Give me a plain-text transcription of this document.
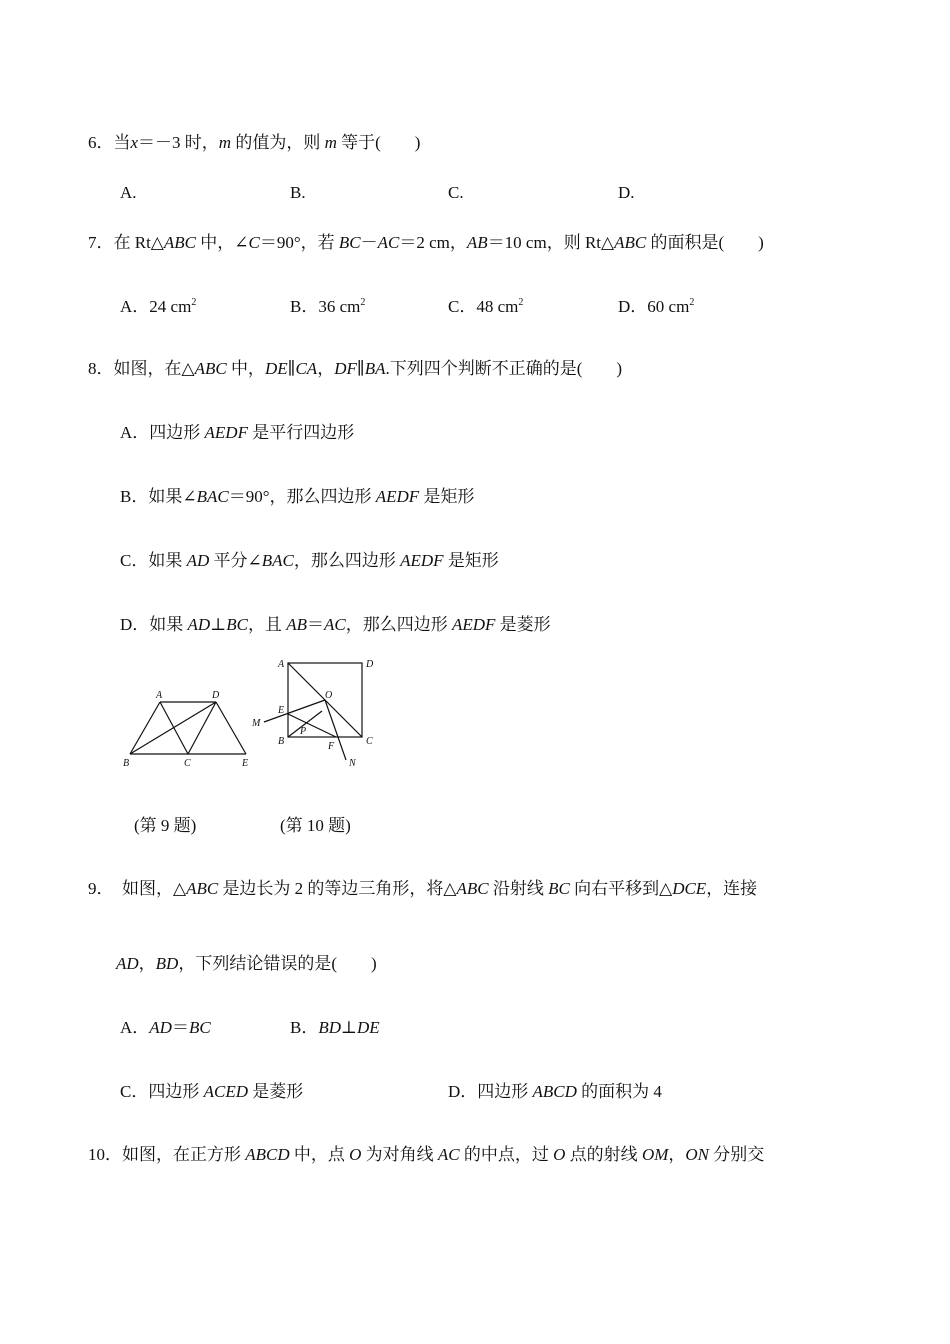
6．当x＝－3 时，m 的值为，则 m 等于(　　)
A.	B.	C.	D.
7．在 Rt△ABC 中，∠C＝90°，若 BC－AC＝2 cm，AB＝10 cm，则 Rt△ABC 的面积是(　　)
A．24 $cm^2$	B．36 $cm^2$	C．48 $cm^2$	D．60 $cm^2$
8．如图，在△ABC 中，DE∥CA，DF∥BA.下列四个判断不正确的是(　　)
A．四边形 AEDF 是平行四边形
B．如果∠BAC＝90°，那么四边形 AEDF 是矩形
C．如果 AD 平分∠BAC，那么四边形 AEDF 是矩形
D．如果 AD⊥BC，且 AB＝AC，那么四边形 AEDF 是菱形
A	D
B	C	E
A	D
O
M
E
P
B	F	C
N
(第 9 题)	(第 10 题)
9． 如图，△ABC 是边长为 2 的等边三角形，将△ABC 沿射线 BC 向右平移到△DCE，连接
AD，BD，下列结论错误的是(　　)
A．AD＝BC	B．BD⊥DE
C．四边形 ACED 是菱形	D．四边形 ABCD 的面积为 4
10．如图，在正方形 ABCD 中，点 O 为对角线 AC 的中点，过 O 点的射线 OM，ON 分别交
